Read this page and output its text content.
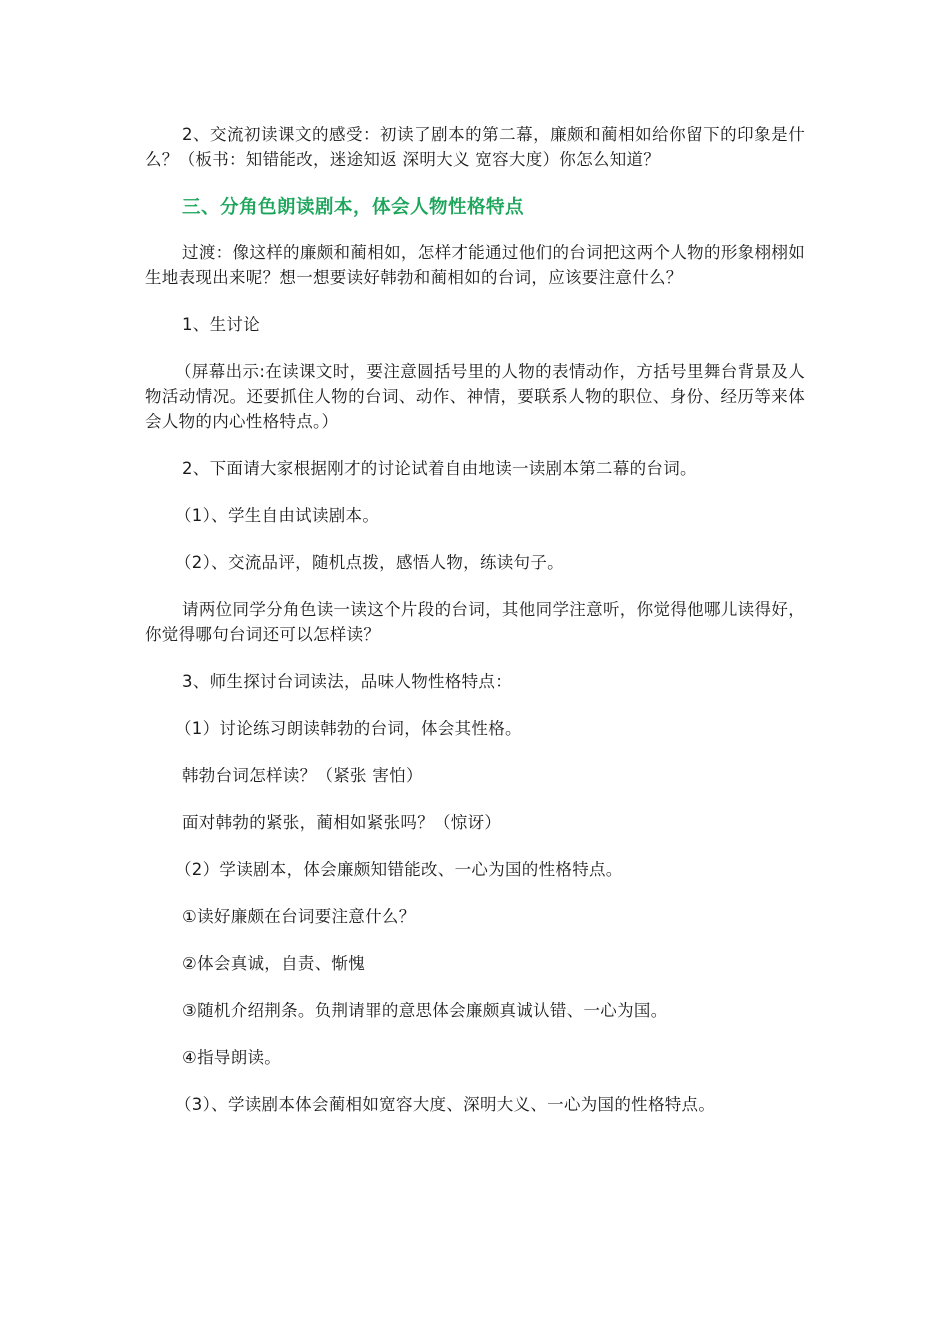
2、交流初读课文的感受：初读了剧本的第二幕，廉颇和蔺相如给你留下的印象是什么？（板书：知错能改，迷途知返 深明大义 宽容大度）你怎么知道？

三、分角色朗读剧本，体会人物性格特点

过渡：像这样的廉颇和蔺相如，怎样才能通过他们的台词把这两个人物的形象栩栩如生地表现出来呢？想一想要读好韩勃和蔺相如的台词，应该要注意什么？

1、生讨论

（屏幕出示:在读课文时，要注意圆括号里的人物的表情动作，方括号里舞台背景及人物活动情况。还要抓住人物的台词、动作、神情，要联系人物的职位、身份、经历等来体会人物的内心性格特点。）

2、下面请大家根据刚才的讨论试着自由地读一读剧本第二幕的台词。

（1）、学生自由试读剧本。

（2）、交流品评，随机点拨，感悟人物，练读句子。

请两位同学分角色读一读这个片段的台词，其他同学注意听，你觉得他哪儿读得好，你觉得哪句台词还可以怎样读？

3、师生探讨台词读法，品味人物性格特点：

（1）讨论练习朗读韩勃的台词，体会其性格。

韩勃台词怎样读？（紧张 害怕）

面对韩勃的紧张，蔺相如紧张吗？（惊讶）

（2）学读剧本，体会廉颇知错能改、一心为国的性格特点。

①读好廉颇在台词要注意什么？

②体会真诚，自责、惭愧

③随机介绍荆条。负荆请罪的意思体会廉颇真诚认错、一心为国。

④指导朗读。

（3）、学读剧本体会蔺相如宽容大度、深明大义、一心为国的性格特点。
